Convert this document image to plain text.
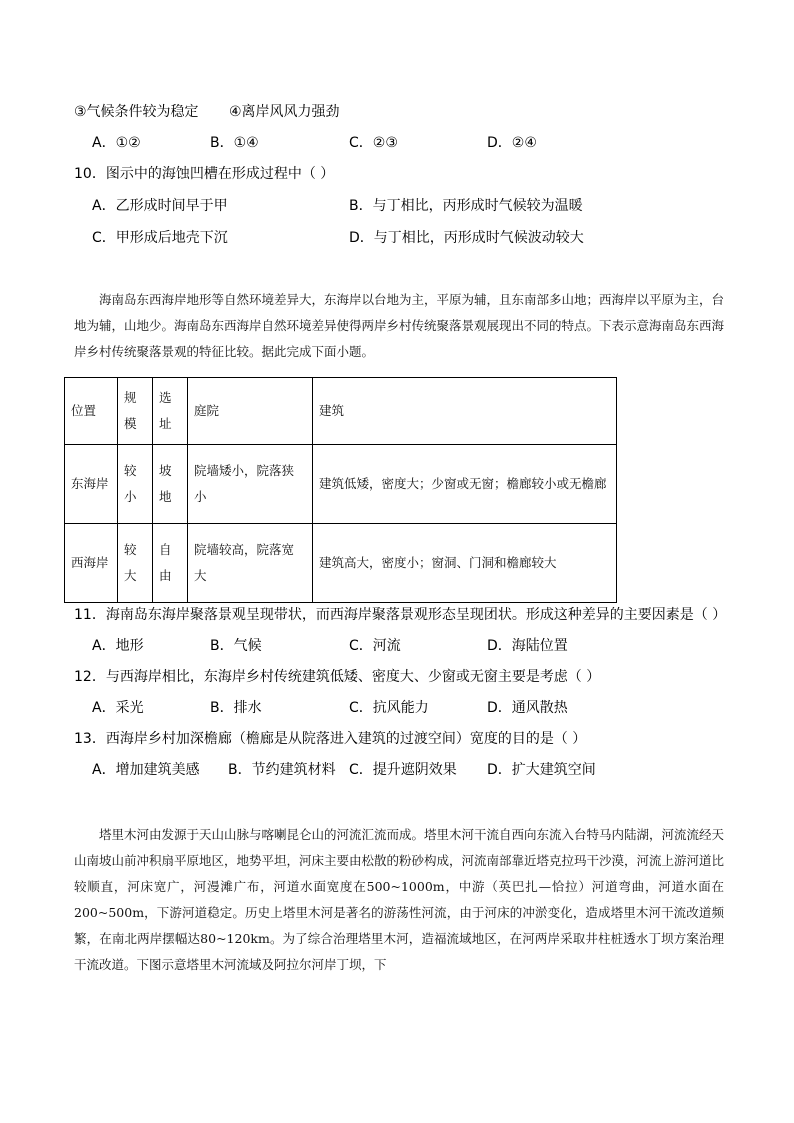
③气候条件较为稳定 ④离岸风风力强劲
A．①②	B．①④	C．②③	D．②④
10．图示中的海蚀凹槽在形成过程中（ ）
A．乙形成时间早于甲	B．与丁相比，丙形成时气候较为温暖
C．甲形成后地壳下沉	D．与丁相比，丙形成时气候波动较大

海南岛东西海岸地形等自然环境差异大，东海岸以台地为主，平原为辅，且东南部多山地；西海岸以平原为主，台地为辅，山地少。海南岛东西海岸自然环境差异使得两岸乡村传统聚落景观展现出不同的特点。下表示意海南岛东西海岸乡村传统聚落景观的特征比较。据此完成下面小题。

位置	规模	选址	庭院	建筑
东海岸	较小	坡地	院墙矮小，院落狭小	建筑低矮，密度大；少窗或无窗；檐廊较小或无檐廊
西海岸	较大	自由	院墙较高，院落宽大	建筑高大，密度小；窗洞、门洞和檐廊较大
11．海南岛东海岸聚落景观呈现带状，而西海岸聚落景观形态呈现团状。形成这种差异的主要因素是（ ）
A．地形	B．气候	C．河流	D．海陆位置
12．与西海岸相比，东海岸乡村传统建筑低矮、密度大、少窗或无窗主要是考虑（ ）
A．采光	B．排水	C．抗风能力	D．通风散热
13．西海岸乡村加深檐廊（檐廊是从院落进入建筑的过渡空间）宽度的目的是（ ）
A．增加建筑美感 B．节约建筑材料 C．提升遮阴效果 D．扩大建筑空间

塔里木河由发源于天山山脉与喀喇昆仑山的河流汇流而成。塔里木河干流自西向东流入台特马内陆湖，河流流经天山南坡山前冲积扇平原地区，地势平坦，河床主要由松散的粉砂构成，河流南部靠近塔克拉玛干沙漠，河流上游河道比较顺直，河床宽广，河漫滩广布，河道水面宽度在500~1000m，中游（英巴扎—恰拉）河道弯曲，河道水面在200~500m，下游河道稳定。历史上塔里木河是著名的游荡性河流，由于河床的冲淤变化，造成塔里木河干流改道频繁，在南北两岸摆幅达80~120km。为了综合治理塔里木河，造福流域地区，在河两岸采取井柱桩透水丁坝方案治理干流改道。下图示意塔里木河流域及阿拉尔河岸丁坝，下
